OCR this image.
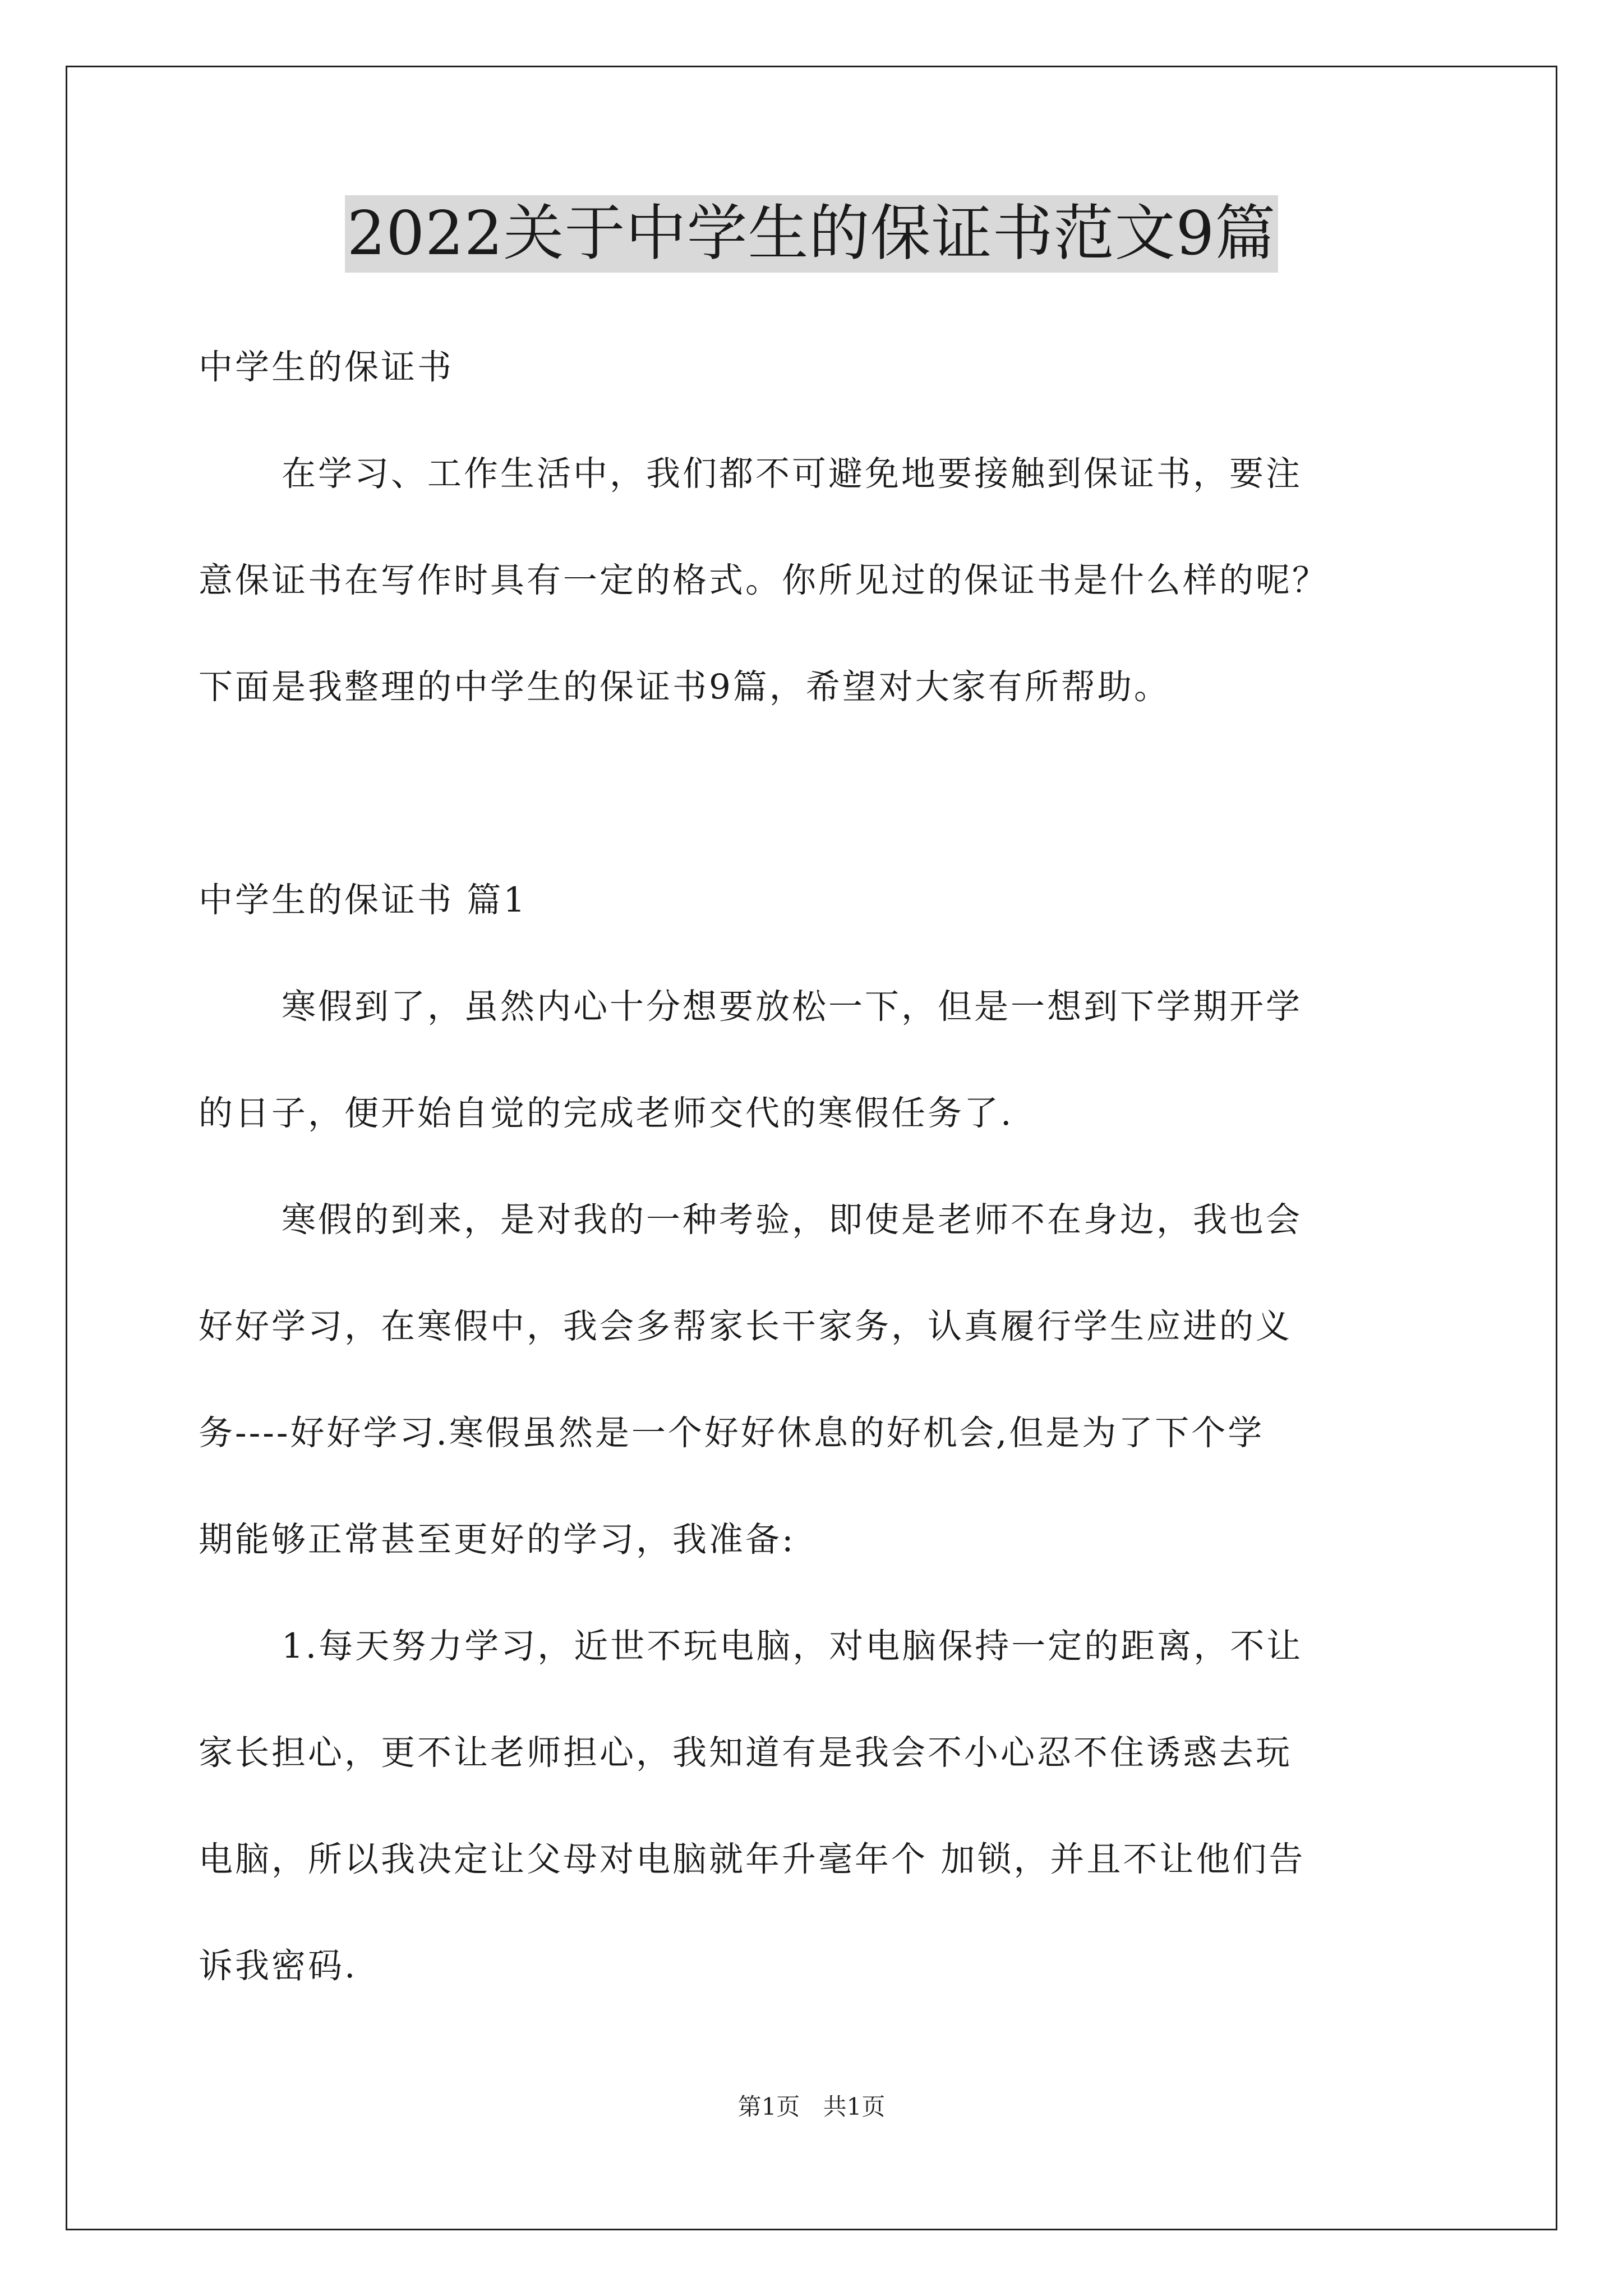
2022关于中学生的保证书范文9篇
中学生的保证书
在学习、工作生活中，我们都不可避免地要接触到保证书，要注
意保证书在写作时具有一定的格式。你所见过的保证书是什么样的呢？
下面是我整理的中学生的保证书9篇，希望对大家有所帮助。
中学生的保证书 篇1
寒假到了，虽然内心十分想要放松一下，但是一想到下学期开学
的日子，便开始自觉的完成老师交代的寒假任务了.
寒假的到来，是对我的一种考验，即使是老师不在身边，我也会
好好学习，在寒假中，我会多帮家长干家务，认真履行学生应进的义
务----好好学习.寒假虽然是一个好好休息的好机会,但是为了下个学
期能够正常甚至更好的学习，我准备:
1.每天努力学习，近世不玩电脑，对电脑保持一定的距离，不让
家长担心，更不让老师担心，我知道有是我会不小心忍不住诱惑去玩
电脑，所以我决定让父母对电脑就年升毫年个 加锁，并且不让他们告
诉我密码.
第1页 共1页
